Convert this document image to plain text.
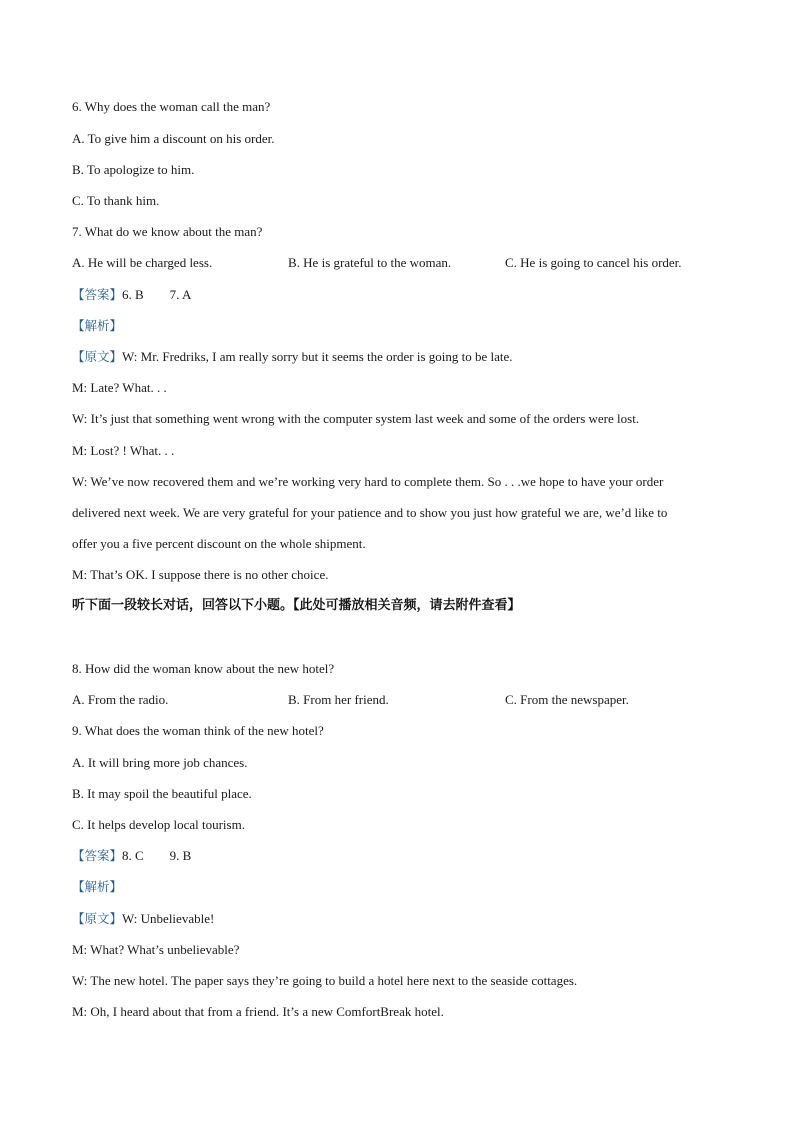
6. Why does the woman call the man?
A. To give him a discount on his order.
B. To apologize to him.
C. To thank him.
7. What do we know about the man?
A. He will be charged less.	B. He is grateful to the woman.	C. He is going to cancel his order.
【答案】6. B        7. A
【解析】
【原文】W: Mr. Fredriks, I am really sorry but it seems the order is going to be late.
M: Late? What. . .
W: It’s just that something went wrong with the computer system last week and some of the orders were lost.
M: Lost? ! What. . .
W: We’ve now recovered them and we’re working very hard to complete them. So . . .we hope to have your order
delivered next week. We are very grateful for your patience and to show you just how grateful we are, we’d like to
offer you a five percent discount on the whole shipment.
M: That’s OK. I suppose there is no other choice.
听下面一段较长对话，回答以下小题。【此处可播放相关音频，请去附件查看】
8. How did the woman know about the new hotel?
A. From the radio.	B. From her friend.	C. From the newspaper.
9. What does the woman think of the new hotel?
A. It will bring more job chances.
B. It may spoil the beautiful place.
C. It helps develop local tourism.
【答案】8. C        9. B
【解析】
【原文】W: Unbelievable!
M: What? What’s unbelievable?
W: The new hotel. The paper says they’re going to build a hotel here next to the seaside cottages.
M: Oh, I heard about that from a friend. It’s a new ComfortBreak hotel.
